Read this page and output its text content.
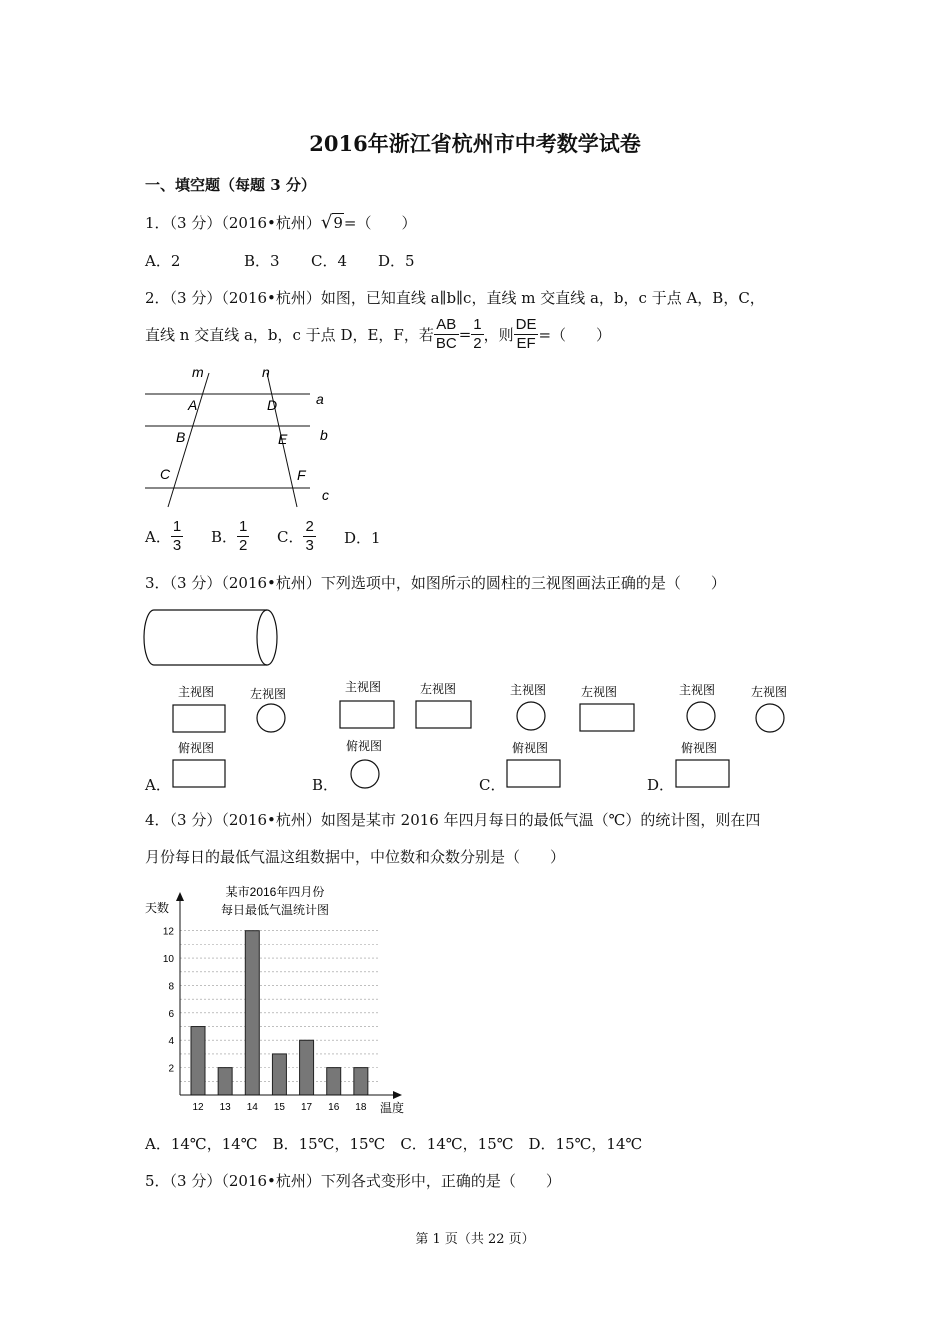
2016年浙江省杭州市中考数学试卷
一、填空题（每题 3 分）
1．（3 分）（2016•杭州）√9=（　　）
A．2	B．3 C．4 D．5
2．（3 分）（2016•杭州）如图，已知直线 a∥b∥c，直线 m 交直线 a，b，c 于点 A，B，C，
直线 n 交直线 a，b，c 于点 D，E，F，若 $\frac{AB}{BC} = \frac{1}{2}$ ，则 $\frac{DE}{EF}$ =（　　）
m	n
a
b
c
A
B
C
D
E
F
A． $\frac{1}{3}$ B． $\frac{1}{2}$ C． $\frac{2}{3}$ D．1
3．（3 分）（2016•杭州）下列选项中，如图所示的圆柱的三视图画法正确的是（　　）
主视图	左视图
俯视图
主视图	左视图
俯视图
主视图	左视图
俯视图
主视图	左视图
俯视图
A．	B．	C．	D．
4．（3 分）（2016•杭州）如图是某市 2016 年四月每日的最低气温（℃）的统计图，则在四
月份每日的最低气温这组数据中，中位数和众数分别是（　　）
某市2016年四月份
每日最低气温统计图
天数
温度
2
4
6
8
10
12
12 13 14 15 17 16 18
A．14℃，14℃　B．15℃，15℃　C．14℃，15℃　D．15℃，14℃
5．（3 分）（2016•杭州）下列各式变形中，正确的是（　　）
第 1 页（共 22 页）
